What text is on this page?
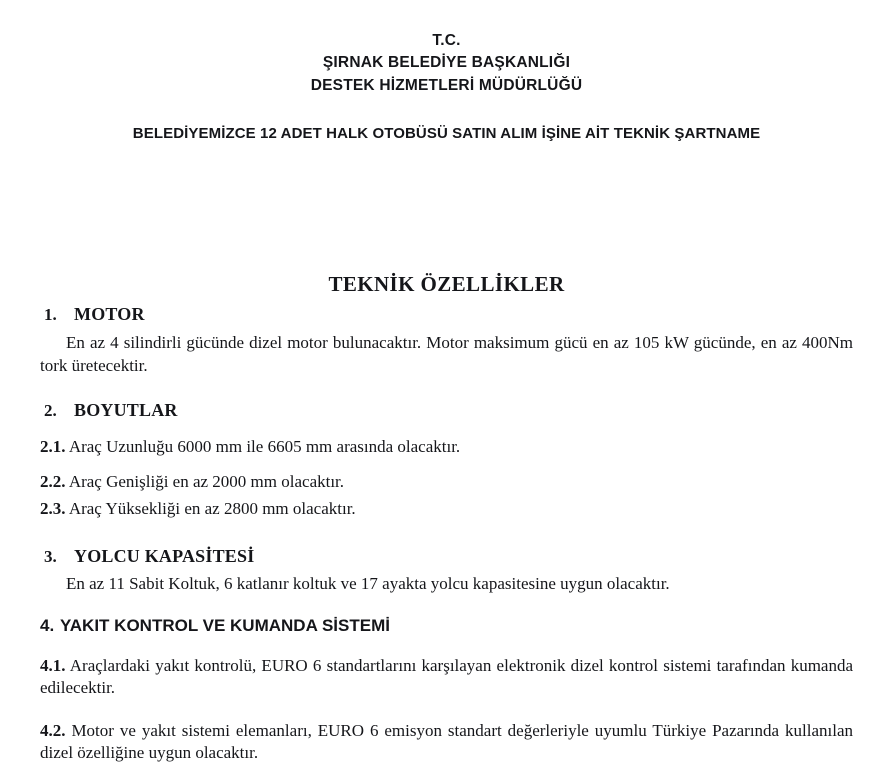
T.C.
ŞIRNAK BELEDİYE BAŞKANLIĞI
DESTEK HİZMETLERİ MÜDÜRLÜĞÜ
BELEDİYEMİZCE 12 ADET HALK OTOBÜSÜ SATIN ALIM İŞİNE AİT TEKNİK ŞARTNAME
TEKNİK ÖZELLİKLER
1. MOTOR
En az 4 silindirli gücünde dizel motor bulunacaktır. Motor maksimum gücü en az 105 kW gücünde, en az 400Nm tork üretecektir.
2. BOYUTLAR
2.1. Araç Uzunluğu 6000 mm ile 6605 mm arasında olacaktır.
2.2. Araç Genişliği en az 2000 mm olacaktır.
2.3. Araç Yüksekliği en az 2800 mm olacaktır.
3. YOLCU KAPASİTESİ
En az 11 Sabit Koltuk, 6 katlanır koltuk ve 17 ayakta yolcu kapasitesine uygun olacaktır.
4. YAKIT KONTROL VE KUMANDA SİSTEMİ
4.1. Araçlardaki yakıt kontrolü, EURO 6 standartlarını karşılayan elektronik dizel kontrol sistemi tarafından kumanda edilecektir.
4.2. Motor ve yakıt sistemi elemanları, EURO 6 emisyon standart değerleriyle uyumlu Türkiye Pazarında kullanılan dizel özelliğine uygun olacaktır.
